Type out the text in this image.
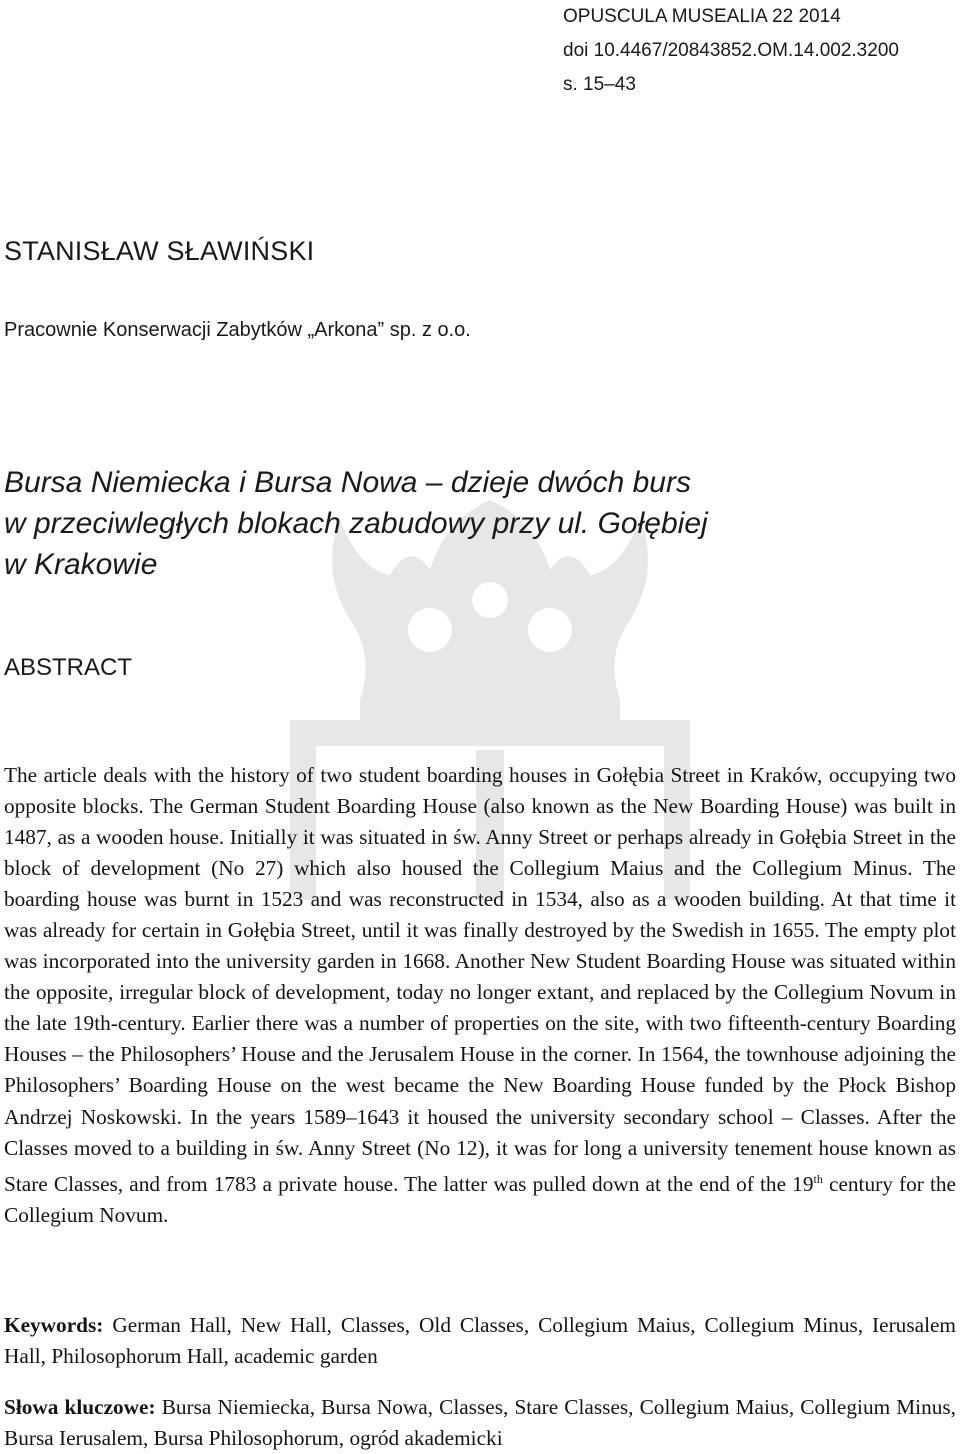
OPUSCULA MUSEALIA 22 2014
doi 10.4467/20843852.OM.14.002.3200
s. 15–43
STANISŁAW SŁAWIŃSKI
Pracownie Konserwacji Zabytków „Arkona” sp. z o.o.
Bursa Niemiecka i Bursa Nowa – dzieje dwóch burs
w przeciwległych blokach zabudowy przy ul. Gołębiej
w Krakowie
ABSTRACT

The article deals with the history of two student boarding houses in Gołębia Street in Kraków, occupying two opposite blocks. The German Student Boarding House (also known as the New Boarding House) was built in 1487, as a wooden house. Initially it was situated in św. Anny Street or perhaps already in Gołębia Street in the block of development (No 27) which also housed the Collegium Maius and the Collegium Minus. The boarding house was burnt in 1523 and was reconstructed in 1534, also as a wooden building. At that time it was already for certain in Gołębia Street, until it was finally destroyed by the Swedish in 1655. The empty plot was incorporated into the university garden in 1668. Another New Student Boarding House was situated within the opposite, irregular block of development, today no longer extant, and replaced by the Collegium Novum in the late 19th-century. Earlier there was a number of properties on the site, with two fifteenth-century Boarding Houses – the Philosophers’ House and the Jerusalem House in the corner. In 1564, the townhouse adjoining the Philosophers’ Boarding House on the west became the New Boarding House funded by the Płock Bishop Andrzej Noskowski. In the years 1589–1643 it housed the university secondary school – Classes. After the Classes moved to a building in św. Anny Street (No 12), it was for long a university tenement house known as Stare Classes, and from 1783 a private house. The latter was pulled down at the end of the 19th century for the Collegium Novum.

Keywords: German Hall, New Hall, Classes, Old Classes, Collegium Maius, Collegium Minus, Ierusalem Hall, Philosophorum Hall, academic garden

Słowa kluczowe: Bursa Niemiecka, Bursa Nowa, Classes, Stare Classes, Collegium Maius, Collegium Minus, Bursa Ierusalem, Bursa Philosophorum, ogród akademicki
